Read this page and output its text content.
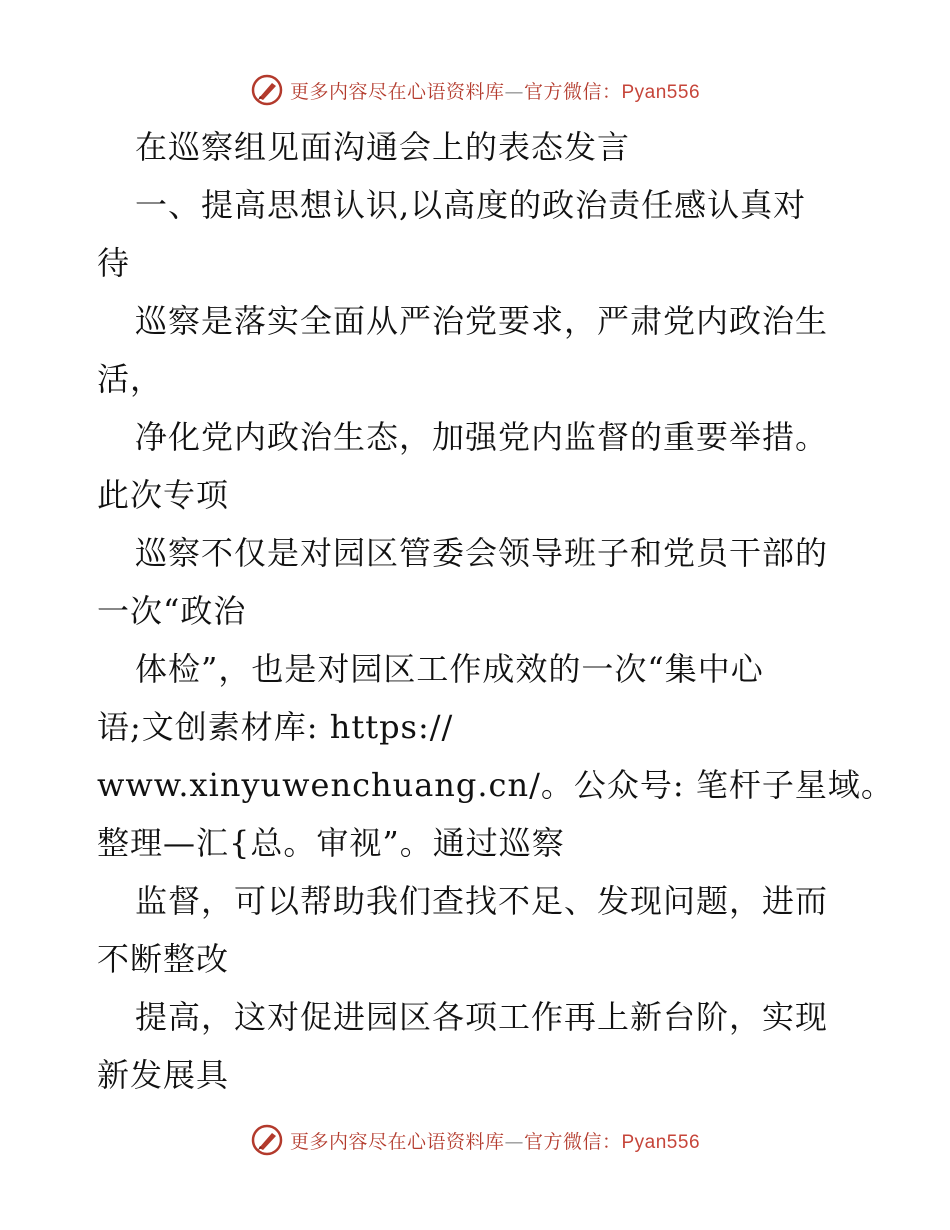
更多内容尽在心语资料库—官方微信：Pyan556
在巡察组见面沟通会上的表态发言
一、提高思想认识,以高度的政治责任感认真对
待
巡察是落实全面从严治党要求，严肃党内政治生
活，
净化党内政治生态，加强党内监督的重要举措。
此次专项
巡察不仅是对园区管委会领导班子和党员干部的
一次“政治
体检”，也是对园区工作成效的一次“集中心
语;文创素材库: https://
www.xinyuwenchuang.cn/。公众号: 笔杆子星域。
整理—汇{总。审视”。通过巡察
监督，可以帮助我们查找不足、发现问题，进而
不断整改
提高，这对促进园区各项工作再上新台阶，实现
新发展具
更多内容尽在心语资料库—官方微信：Pyan556
